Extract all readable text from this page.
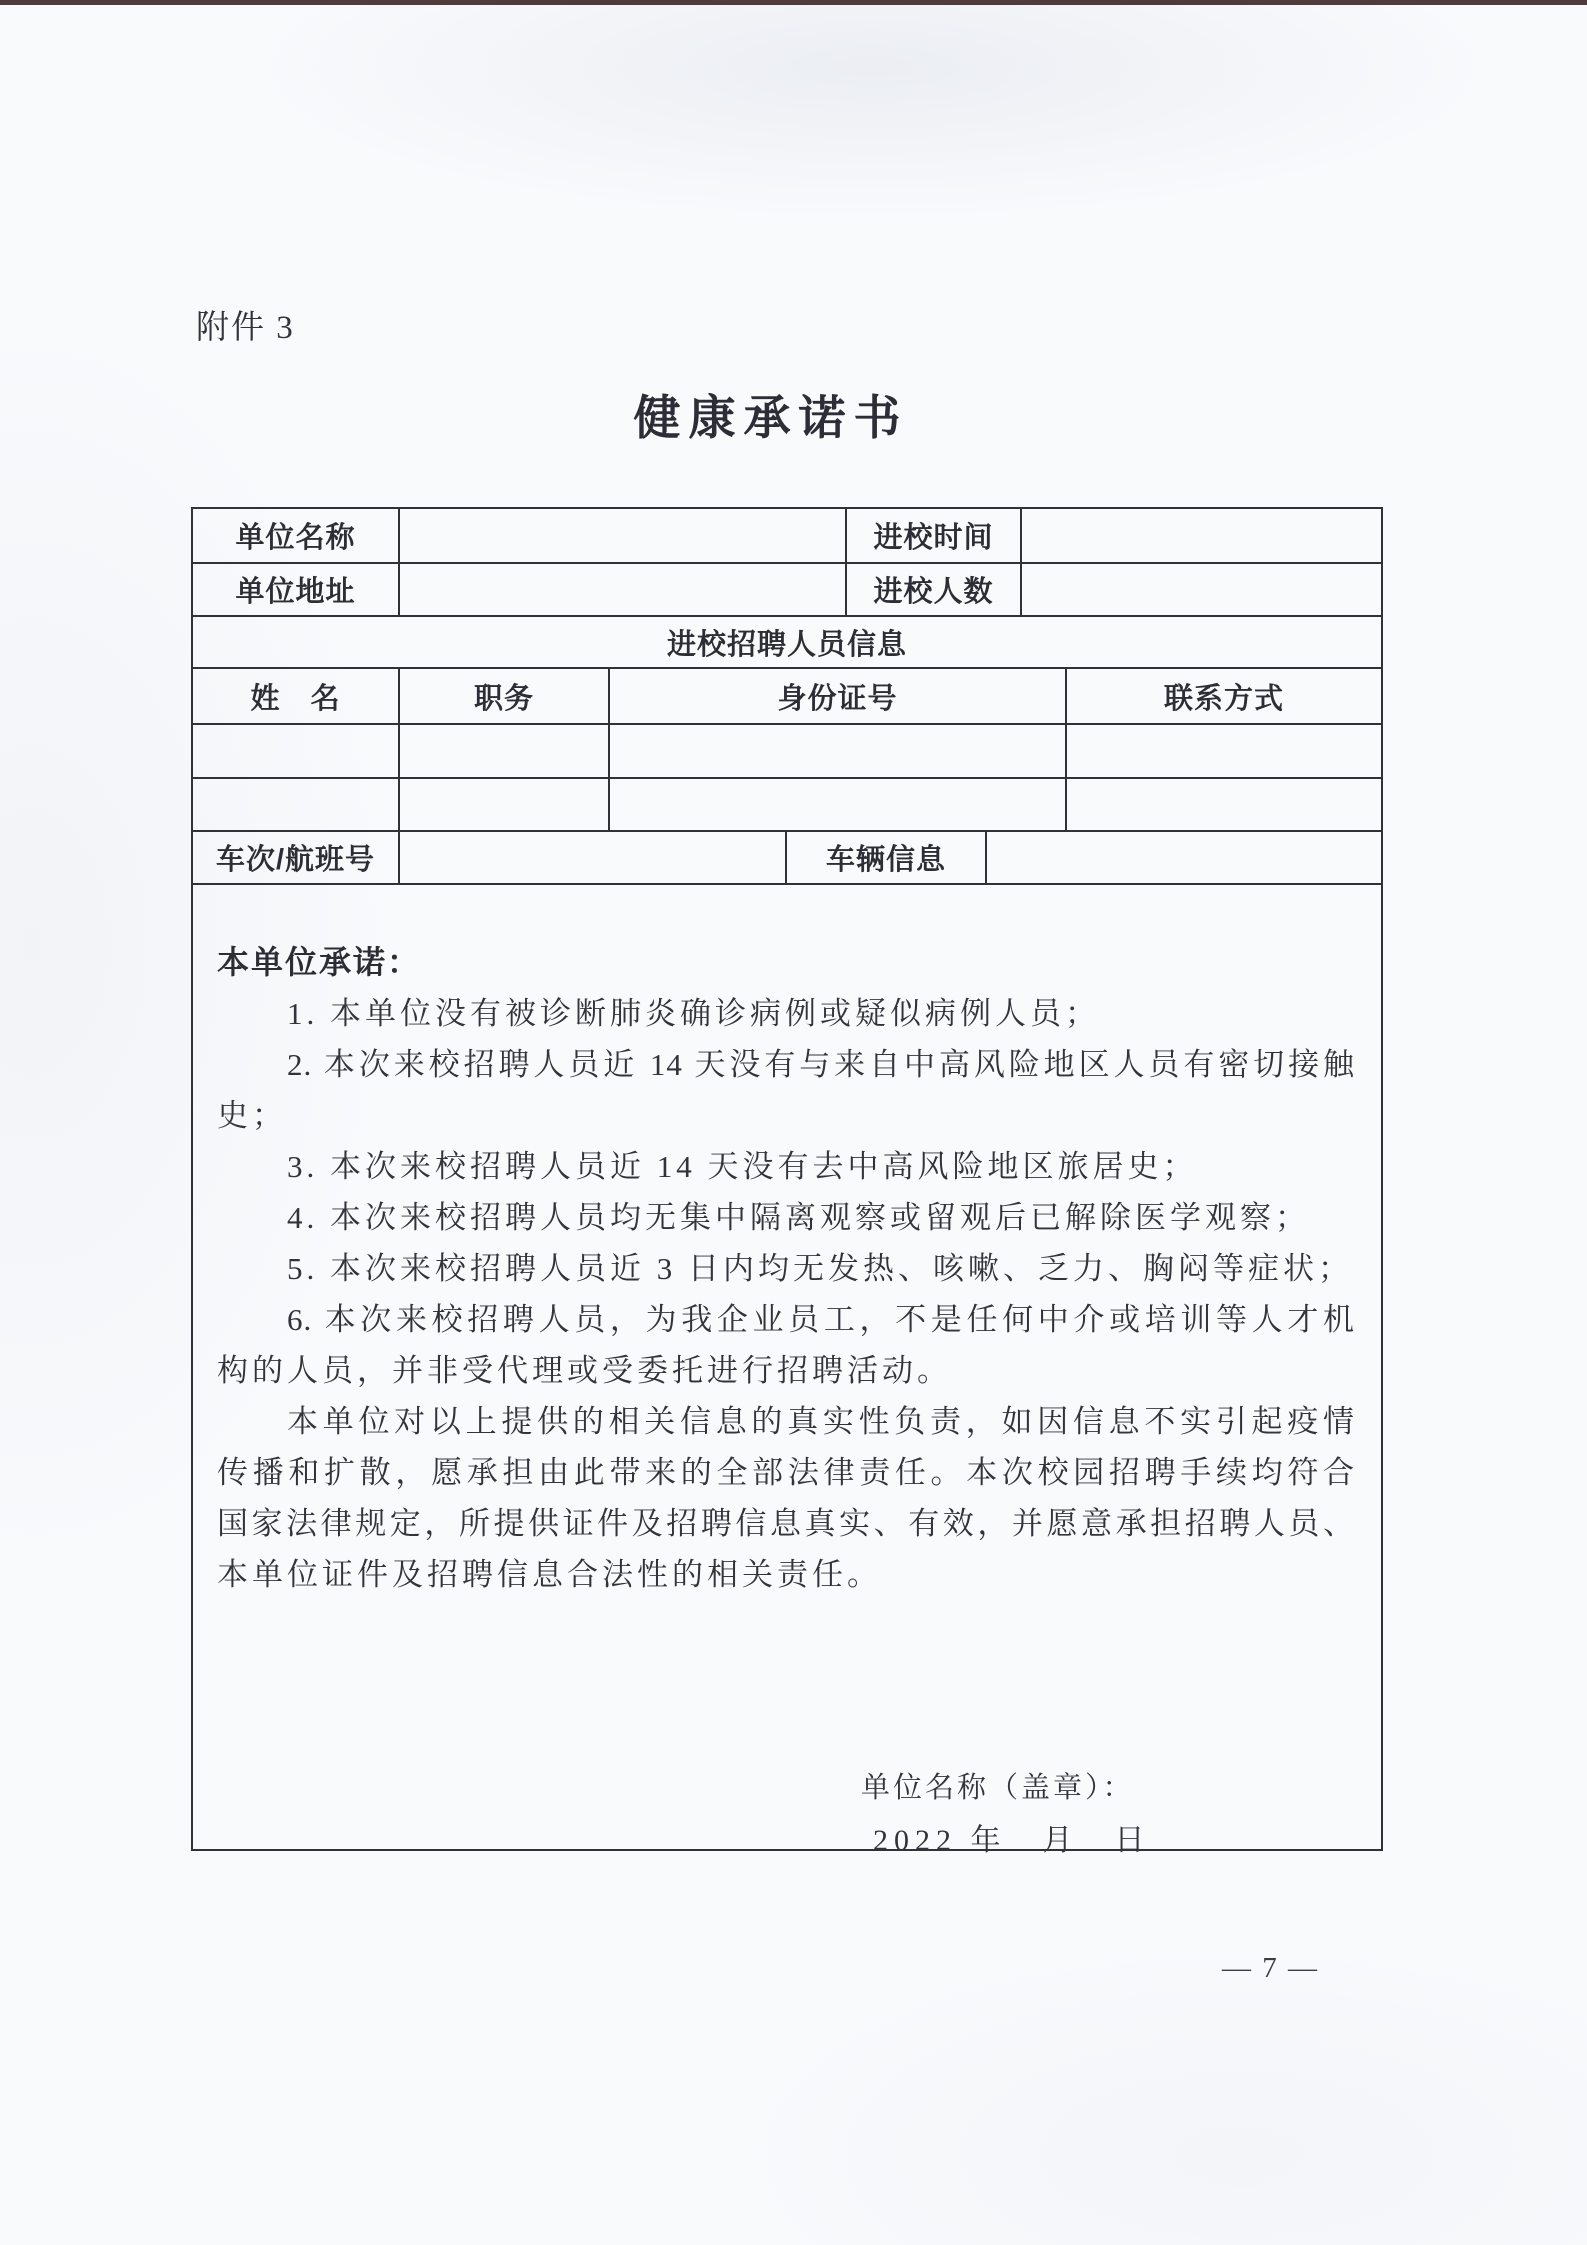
附件 3
健康承诺书
单位名称	进校时间
单位地址	进校人数
进校招聘人员信息
姓　名	职务	身份证号	联系方式
车次/航班号	车辆信息
本单位承诺：
1. 本单位没有被诊断肺炎确诊病例或疑似病例人员；
2. 本次来校招聘人员近 14 天没有与来自中高风险地区人员有密切接触
史；
3. 本次来校招聘人员近 14 天没有去中高风险地区旅居史；
4. 本次来校招聘人员均无集中隔离观察或留观后已解除医学观察；
5. 本次来校招聘人员近 3 日内均无发热、咳嗽、乏力、胸闷等症状；
6. 本次来校招聘人员，为我企业员工，不是任何中介或培训等人才机
构的人员，并非受代理或受委托进行招聘活动。
本单位对以上提供的相关信息的真实性负责，如因信息不实引起疫情
传播和扩散，愿承担由此带来的全部法律责任。本次校园招聘手续均符合
国家法律规定，所提供证件及招聘信息真实、有效，并愿意承担招聘人员、
本单位证件及招聘信息合法性的相关责任。
单位名称（盖章）：
2022 年　月　日
— 7 —
